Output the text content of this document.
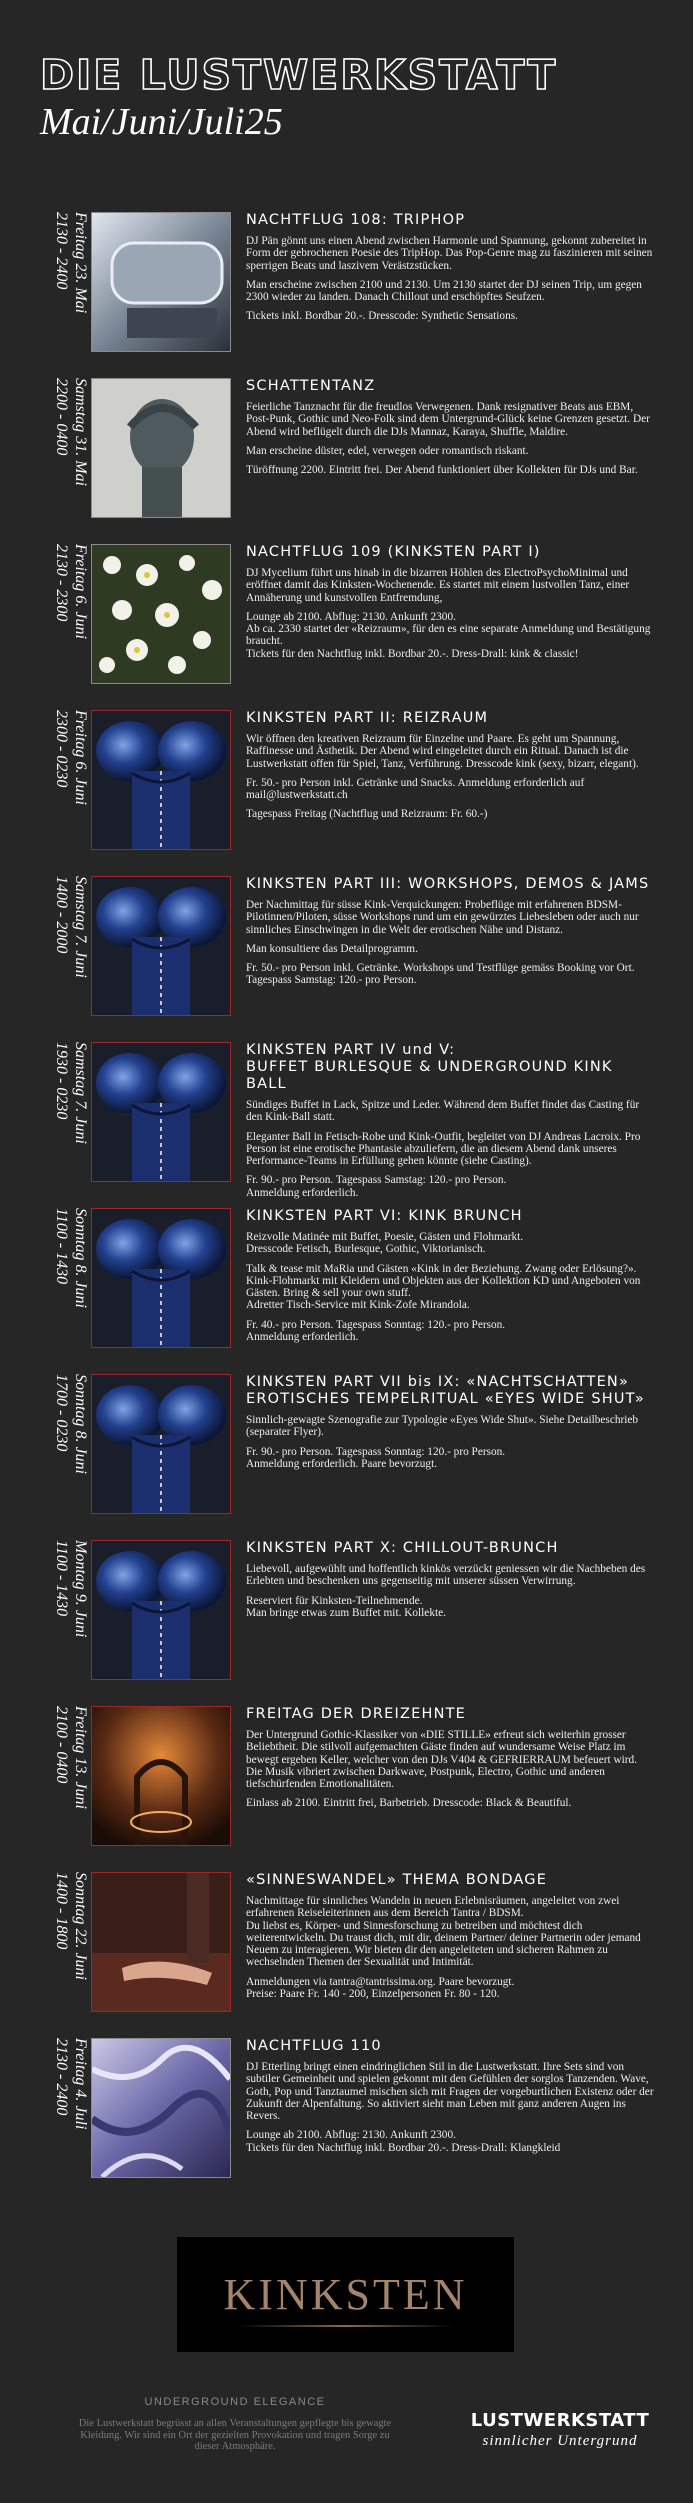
DIE LUSTWERKSTATT
Mai/Juni/Juli25
Freitag 23. Mai
2130 - 2400	NACHTFLUG 108: TRIPHOP
DJ Pän gönnt uns einen Abend zwischen Harmonie und Spannung, gekonnt zubereitet in Form der gebrochenen Poesie des TripHop. Das Pop-Genre mag zu faszinieren mit seinen sperrigen Beats und laszivem Verästzstücken.
Man erscheine zwischen 2100 und 2130. Um 2130 startet der DJ seinen Trip, um gegen 2300 wieder zu landen. Danach Chillout und erschöpftes Seufzen.
Tickets inkl. Bordbar 20.-. Dresscode: Synthetic Sensations.
Samstag 31. Mai
2200 - 0400	SCHATTENTANZ
Feierliche Tanznacht für die freudlos Verwegenen. Dank resignativer Beats aus EBM, Post-Punk, Gothic und Neo-Folk sind dem Untergrund-Glück keine Grenzen gesetzt. Der Abend wird beflügelt durch die DJs Mannaz, Karaya, Shuffle, Maldire.
Man erscheine düster, edel, verwegen oder romantisch riskant.
Türöffnung 2200. Eintritt frei. Der Abend funktioniert über Kollekten für DJs und Bar.
Freitag 6. Juni
2130 - 2300	NACHTFLUG 109 (KINKSTEN PART I)
DJ Mycelium führt uns hinab in die bizarren Höhlen des ElectroPsychoMinimal und eröffnet damit das Kinksten-Wochenende. Es startet mit einem lustvollen Tanz, einer Annäherung und kunstvollen Entfremdung,
Lounge ab 2100. Abflug: 2130. Ankunft 2300.
Ab ca. 2330 startet der «Reizraum», für den es eine separate Anmeldung und Bestätigung braucht.
Tickets für den Nachtflug inkl. Bordbar 20.-. Dress-Drall: kink & classic!
Freitag 6. Juni
2300 - 0230	KINKSTEN PART II: REIZRAUM
Wir öffnen den kreativen Reizraum für Einzelne und Paare. Es geht um Spannung, Raffinesse und Ästhetik. Der Abend wird eingeleitet durch ein Ritual. Danach ist die Lustwerkstatt offen für Spiel, Tanz, Verführung. Dresscode kink (sexy, bizarr, elegant).
Fr. 50.- pro Person inkl. Getränke und Snacks. Anmeldung erforderlich auf mail@lustwerkstatt.ch
Tagespass Freitag (Nachtflug und Reizraum: Fr. 60.-)
Samstag 7. Juni
1400 - 2000	KINKSTEN PART III: WORKSHOPS, DEMOS & JAMS
Der Nachmittag für süsse Kink-Verquickungen: Probeflüge mit erfahrenen BDSM-Pilotinnen/Piloten, süsse Workshops rund um ein gewürztes Liebesleben oder auch nur sinnliches Einschwingen in die Welt der erotischen Nähe und Distanz.
Man konsultiere das Detailprogramm.
Fr. 50.- pro Person inkl. Getränke. Workshops und Testflüge gemäss Booking vor Ort. Tagespass Samstag: 120.- pro Person.
Samstag 7. Juni
1930 - 0230	KINKSTEN PART IV und V:
BUFFET BURLESQUE & UNDERGROUND KINK BALL
Sündiges Buffet in Lack, Spitze und Leder. Während dem Buffet findet das Casting für den Kink-Ball statt.
Eleganter Ball in Fetisch-Robe und Kink-Outfit, begleitet von DJ Andreas Lacroix. Pro Person ist eine erotische Phantasie abzuliefern, die an diesem Abend dank unseres Performance-Teams in Erfüllung gehen könnte (siehe Casting).
Fr. 90.- pro Person. Tagespass Samstag: 120.- pro Person.
Anmeldung erforderlich.
Sonntag 8. Juni
1100 - 1430	KINKSTEN PART VI: KINK BRUNCH
Reizvolle Matinée mit Buffet, Poesie, Gästen und Flohmarkt.
Dresscode Fetisch, Burlesque, Gothic, Viktorianisch.
Talk & tease mit MaRia und Gästen «Kink in der Beziehung. Zwang oder Erlösung?».
Kink-Flohmarkt mit Kleidern und Objekten aus der Kollektion KD und Angeboten von Gästen. Bring & sell your own stuff.
Adretter Tisch-Service mit Kink-Zofe Mirandola.
Fr. 40.- pro Person. Tagespass Sonntag: 120.- pro Person.
Anmeldung erforderlich.
Sonntag 8. Juni
1700 - 0230	KINKSTEN PART VII bis IX: «NACHTSCHATTEN»
EROTISCHES TEMPELRITUAL «EYES WIDE SHUT»
Sinnlich-gewagte Szenografie zur Typologie «Eyes Wide Shut». Siehe Detailbeschrieb (separater Flyer).
Fr. 90.- pro Person. Tagespass Sonntag: 120.- pro Person.
Anmeldung erforderlich. Paare bevorzugt.
Montag 9. Juni
1100 - 1430	KINKSTEN PART X: CHILLOUT-BRUNCH
Liebevoll, aufgewühlt und hoffentlich kinkös verzückt geniessen wir die Nachbeben des Erlebten und beschenken uns gegenseitig mit unserer süssen Verwirrung.
Reserviert für Kinksten-Teilnehmende.
Man bringe etwas zum Buffet mit. Kollekte.
Freitag 13. Juni
2100 - 0400	FREITAG DER DREIZEHNTE
Der Untergrund Gothic-Klassiker von «DIE STILLE» erfreut sich weiterhin grosser Beliebtheit. Die stilvoll aufgemachten Gäste finden auf wundersame Weise Platz im bewegt ergeben Keller, welcher von den DJs V404 & GEFRIERRAUM befeuert wird. Die Musik vibriert zwischen Darkwave, Postpunk, Electro, Gothic und anderen tiefschürfenden Emotionalitäten.
Einlass ab 2100. Eintritt frei, Barbetrieb. Dresscode: Black & Beautiful.
Sonntag 22. Juni
1400 - 1800	«SINNESWANDEL» THEMA BONDAGE
Nachmittage für sinnliches Wandeln in neuen Erlebnisräumen, angeleitet von zwei erfahrenen Reiseleiterinnen aus dem Bereich Tantra / BDSM.
Du liebst es, Körper- und Sinnesforschung zu betreiben und möchtest dich weiterentwickeln. Du traust dich, mit dir, deinem Partner/ deiner Partnerin oder jemand Neuem zu interagieren. Wir bieten dir den angeleiteten und sicheren Rahmen zu wechselnden Themen der Sexualität und Intimität.
Anmeldungen via tantra@tantrissima.org. Paare bevorzugt.
Preise: Paare Fr. 140 - 200, Einzelpersonen Fr. 80 - 120.
Freitag 4. Juli
2130 - 2400	NACHTFLUG 110
DJ Etterling bringt einen eindringlichen Stil in die Lustwerkstatt. Ihre Sets sind von subtiler Gemeinheit und spielen gekonnt mit den Gefühlen der sorglos Tanzenden. Wave, Goth, Pop und Tanztaumel mischen sich mit Fragen der vorgeburtlichen Existenz oder der Zukunft der Alpenfaltung. So aktiviert sieht man Leben mit ganz anderen Augen ins Revers.
Lounge ab 2100. Abflug: 2130. Ankunft 2300.
Tickets für den Nachtflug inkl. Bordbar 20.-. Dress-Drall: Klangkleid
KINKSTEN
UNDERGROUND ELEGANCE
Die Lustwerkstatt begrüsst an allen Veranstaltungen gepflegte bis gewagte Kleidung. Wir sind ein Ort der gezielten Provokation und tragen Sorge zu dieser Atmosphäre.
LUSTWERKSTATT
sinnlicher Untergrund
